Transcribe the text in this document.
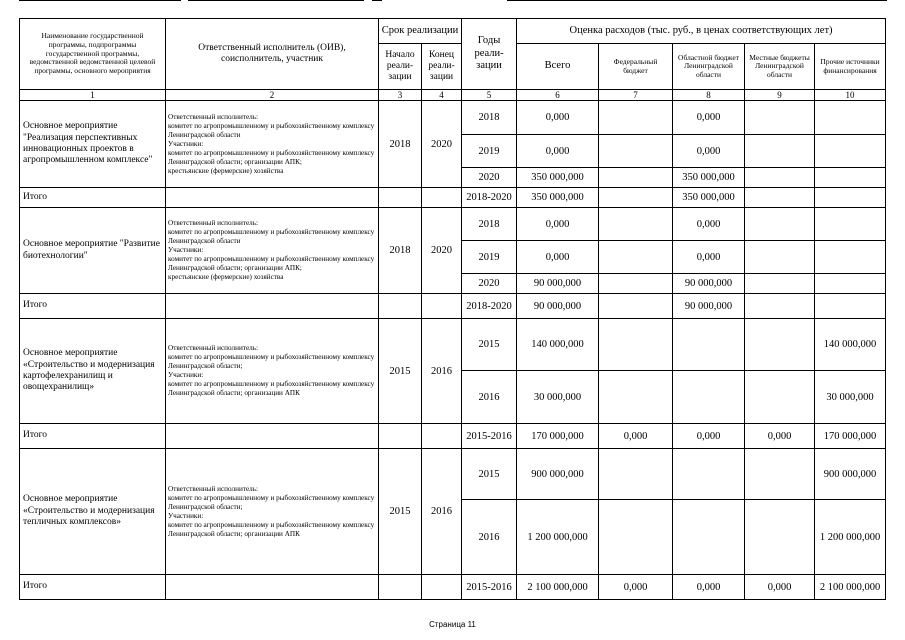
Наименование государственной программы, подпрограммы государственной программы, ведомственной ведомственной целевой программы, основного мероприятия	Ответственный исполнитель (ОИВ), соисполнитель, участник	Срок реализации		Годы реали-зации	Оценка расходов (тыс. руб., в ценах соответствующих лет)				
		Начало реали-зации	Конец реали-зации		Всего	Федеральный бюджет	Областной бюджет Ленинградской области	Местные бюджеты Ленинградской области	Прочие источники финансирования
1	2	3	4	5	6	7	8	9	10
Основное мероприятие "Реализация перспективных инновационных проектов в агропромышленном комплексе"	Ответственный исполнитель:
комитет по агропромышленному и рыбохозяйственному комплексу Ленинградской области
Участники:
комитет по агропромышленному и рыбохозяйственному комплексу Ленинградской области; организации АПК;
крестьянские (фермерские) хозяйства	2018	2020	2018	0,000		0,000		
				2019	0,000		0,000		
				2020	350 000,000		350 000,000		
Итого				2018-2020	350 000,000		350 000,000		
Основное мероприятие "Развитие биотехнологии"	Ответственный исполнитель:
комитет по агропромышленному и рыбохозяйственному комплексу Ленинградской области
Участники:
комитет по агропромышленному и рыбохозяйственному комплексу Ленинградской области; организации АПК;
крестьянские (фермерские) хозяйства	2018	2020	2018	0,000		0,000		
				2019	0,000		0,000		
				2020	90 000,000		90 000,000		
Итого				2018-2020	90 000,000		90 000,000		
Основное мероприятие «Строительство и модернизация картофелехранилищ и овощехранилищ»	Ответственный исполнитель:
комитет по агропромышленному и рыбохозяйственному комплексу Ленинградской области;
Участники:
комитет по агропромышленному и рыбохозяйственному комплексу Ленинградской области; организации АПК	2015	2016	2015	140 000,000				140 000,000
				2016	30 000,000				30 000,000
Итого				2015-2016	170 000,000	0,000	0,000	0,000	170 000,000
Основное мероприятие «Строительство и модернизация тепличных комплексов»	Ответственный исполнитель:
комитет по агропромышленному и рыбохозяйственному комплексу Ленинградской области;
Участники:
комитет по агропромышленному и рыбохозяйственному комплексу Ленинградской области; организации АПК	2015	2016	2015	900 000,000				900 000,000
				2016	1 200 000,000				1 200 000,000
Итого				2015-2016	2 100 000,000	0,000	0,000	0,000	2 100 000,000
Страница 11
